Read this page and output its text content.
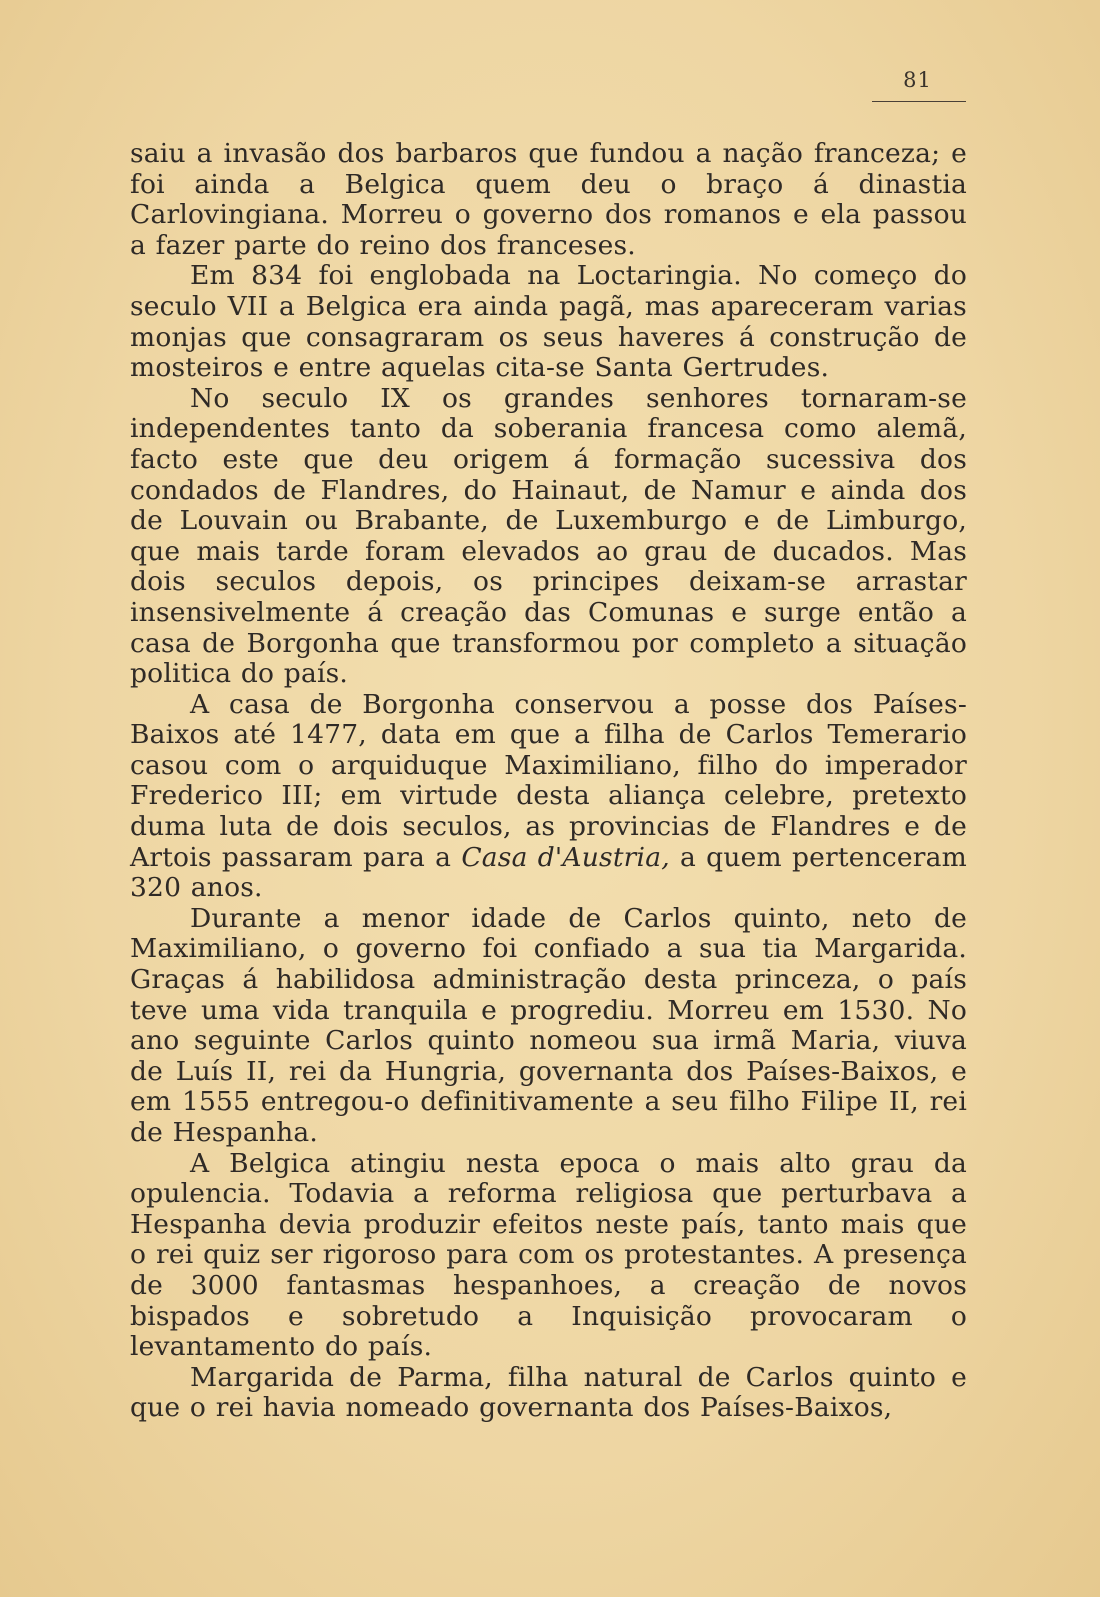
81

saiu a invasão dos barbaros que fundou a nação franceza; e foi ainda a Belgica quem deu o braço á dinastia Carlovingiana. Morreu o governo dos romanos e ela passou a fazer parte do reino dos franceses.

Em 834 foi englobada na Loctaringia. No começo do seculo VII a Belgica era ainda pagã, mas apareceram varias monjas que consagraram os seus haveres á construção de mosteiros e entre aquelas cita-se Santa Gertrudes.

No seculo IX os grandes senhores tornaram-se independentes tanto da soberania francesa como alemã, facto este que deu origem á formação sucessiva dos condados de Flandres, do Hainaut, de Namur e ainda dos de Louvain ou Brabante, de Luxemburgo e de Limburgo, que mais tarde foram elevados ao grau de ducados. Mas dois seculos depois, os principes deixam-se arrastar insensivelmente á creação das Comunas e surge então a casa de Borgonha que transformou por completo a situação politica do país.

A casa de Borgonha conservou a posse dos Países-Baixos até 1477, data em que a filha de Carlos Temerario casou com o arquiduque Maximiliano, filho do imperador Frederico III; em virtude desta aliança celebre, pretexto duma luta de dois seculos, as provincias de Flandres e de Artois passaram para a Casa d'Austria, a quem pertenceram 320 anos.

Durante a menor idade de Carlos quinto, neto de Maximiliano, o governo foi confiado a sua tia Margarida. Graças á habilidosa administração desta princeza, o país teve uma vida tranquila e progrediu. Morreu em 1530. No ano seguinte Carlos quinto nomeou sua irmã Maria, viuva de Luís II, rei da Hungria, governanta dos Países-Baixos, e em 1555 entregou-o definitivamente a seu filho Filipe II, rei de Hespanha.

A Belgica atingiu nesta epoca o mais alto grau da opulencia. Todavia a reforma religiosa que perturbava a Hespanha devia produzir efeitos neste país, tanto mais que o rei quiz ser rigoroso para com os protestantes. A presença de 3000 fantasmas hespanhoes, a creação de novos bispados e sobretudo a Inquisição provocaram o levantamento do país.

Margarida de Parma, filha natural de Carlos quinto e que o rei havia nomeado governanta dos Países-Baixos,
